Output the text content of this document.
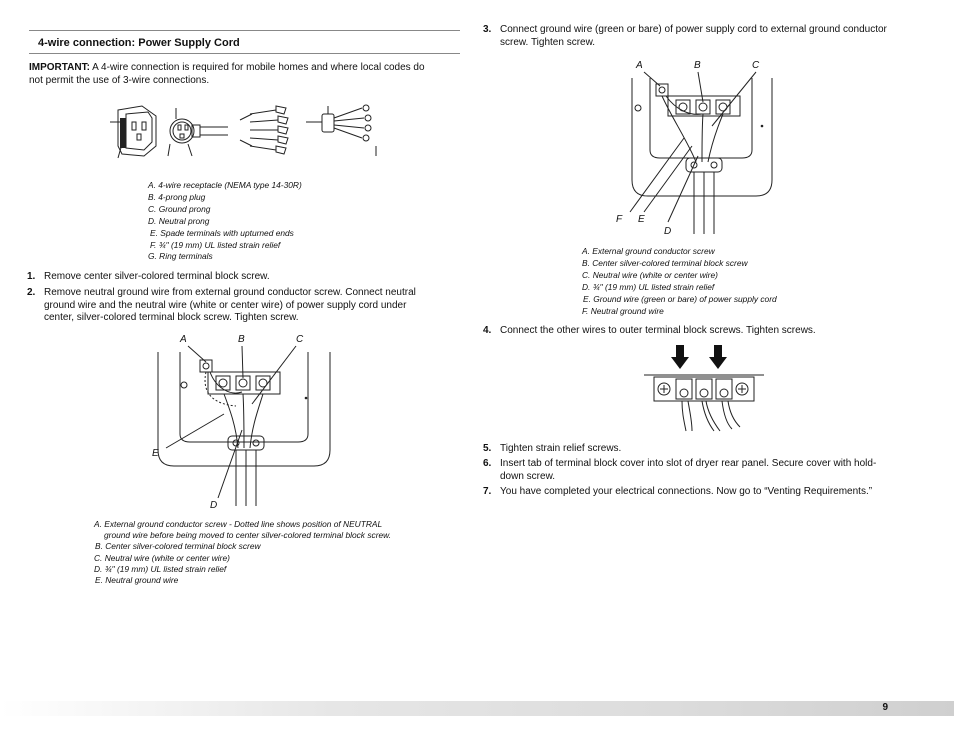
4-wire connection: Power Supply Cord
IMPORTANT: A 4-wire connection is required for mobile homes and where local codes do
not permit the use of 3-wire connections.
A. 4-wire receptacle (NEMA type 14-30R)
B. 4-prong plug
C. Ground prong
D. Neutral prong
E. Spade terminals with upturned ends
F. ¾" (19 mm) UL listed strain relief
G. Ring terminals
1. Remove center silver-colored terminal block screw.
2. Remove neutral ground wire from external ground conductor screw. Connect neutral
ground wire and the neutral wire (white or center wire) of power supply cord under
center, silver-colored terminal block screw. Tighten screw.
A	B	C
E
D
A. External ground conductor screw - Dotted line shows position of NEUTRAL
ground wire before being moved to center silver-colored terminal block screw.
B. Center silver-colored terminal block screw
C. Neutral wire (white or center wire)
D. ¾" (19 mm) UL listed strain relief
E. Neutral ground wire
3. Connect ground wire (green or bare) of power supply cord to external ground conductor
screw. Tighten screw.
A	B	C
F E
D
A. External ground conductor screw
B. Center silver-colored terminal block screw
C. Neutral wire (white or center wire)
D. ¾" (19 mm) UL listed strain relief
E. Ground wire (green or bare) of power supply cord
F. Neutral ground wire
4. Connect the other wires to outer terminal block screws. Tighten screws.
5. Tighten strain relief screws.
6. Insert tab of terminal block cover into slot of dryer rear panel. Secure cover with hold-
down screw.
7. You have completed your electrical connections. Now go to “Venting Requirements.”
9
